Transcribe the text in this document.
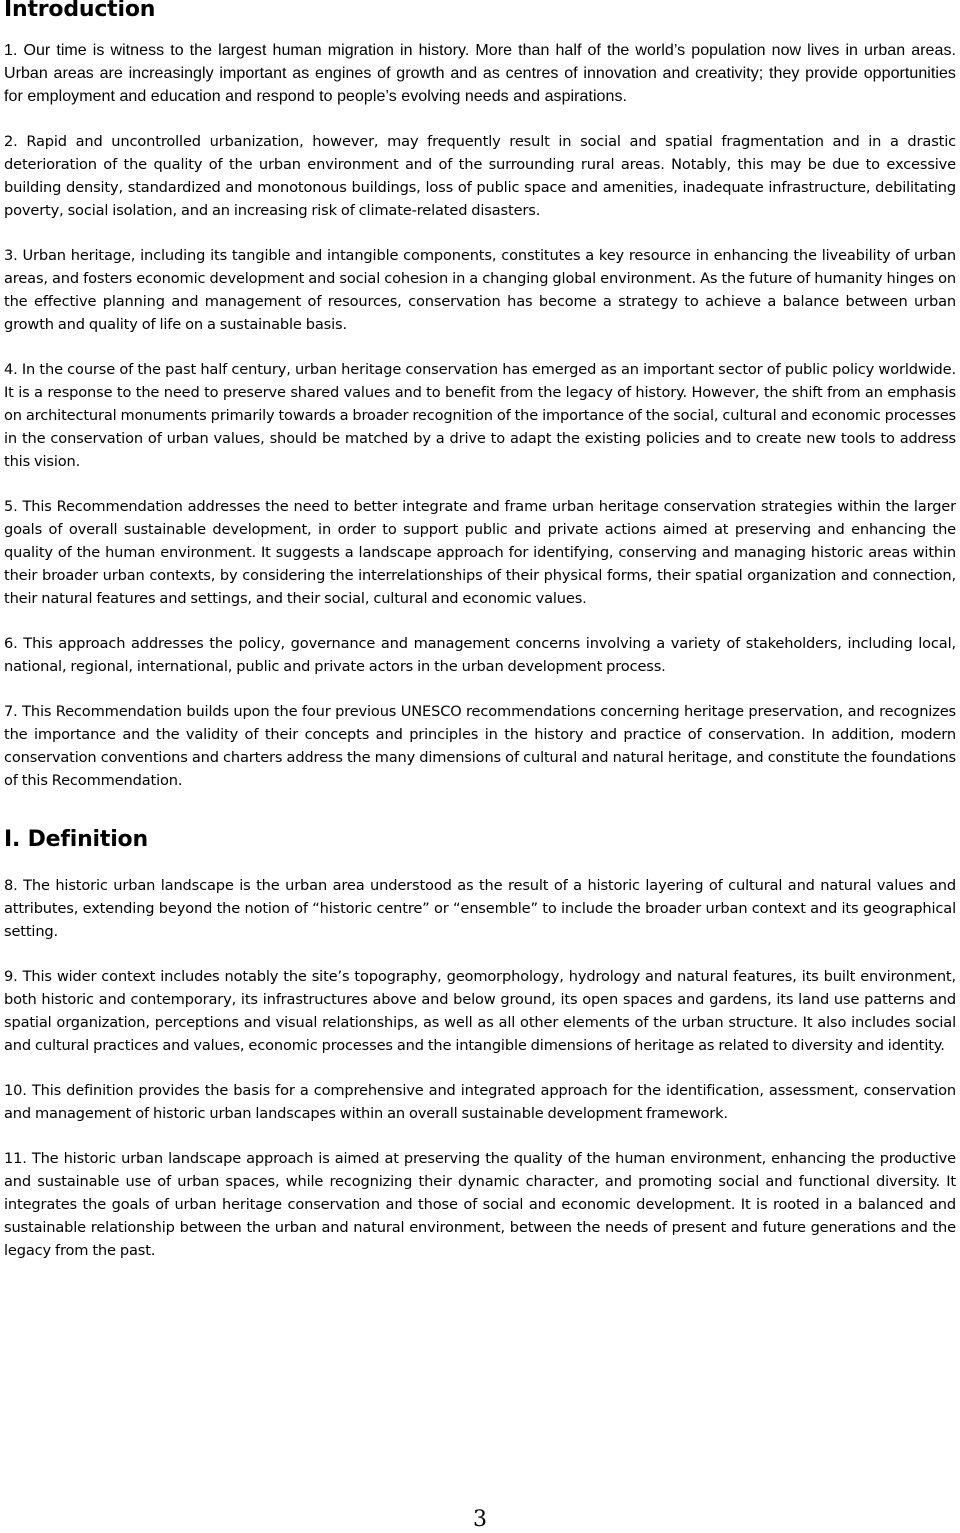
Introduction

1. Our time is witness to the largest human migration in history. More than half of the world’s population now lives in urban areas. Urban areas are increasingly important as engines of growth and as centres of innovation and creativity; they provide opportunities for employment and education and respond to people’s evolving needs and aspirations.

2. Rapid and uncontrolled urbanization, however, may frequently result in social and spatial fragmentation and in a drastic deterioration of the quality of the urban environment and of the surrounding rural areas. Notably, this may be due to excessive building density, standardized and monotonous buildings, loss of public space and amenities, inadequate infrastructure, debilitating poverty, social isolation, and an increasing risk of climate-related disasters.

3. Urban heritage, including its tangible and intangible components, constitutes a key resource in enhancing the liveability of urban areas, and fosters economic development and social cohesion in a changing global environment. As the future of humanity hinges on the effective planning and management of resources, conservation has become a strategy to achieve a balance between urban growth and quality of life on a sustainable basis.

4. In the course of the past half century, urban heritage conservation has emerged as an important sector of public policy worldwide. It is a response to the need to preserve shared values and to benefit from the legacy of history. However, the shift from an emphasis on architectural monuments primarily towards a broader recognition of the importance of the social, cultural and economic processes in the conservation of urban values, should be matched by a drive to adapt the existing policies and to create new tools to address this vision.

5. This Recommendation addresses the need to better integrate and frame urban heritage conservation strategies within the larger goals of overall sustainable development, in order to support public and private actions aimed at preserving and enhancing the quality of the human environment. It suggests a landscape approach for identifying, conserving and managing historic areas within their broader urban contexts, by considering the interrelationships of their physical forms, their spatial organization and connection, their natural features and settings, and their social, cultural and economic values.

6. This approach addresses the policy, governance and management concerns involving a variety of stakeholders, including local, national, regional, international, public and private actors in the urban development process.

7. This Recommendation builds upon the four previous UNESCO recommendations concerning heritage preservation, and recognizes the importance and the validity of their concepts and principles in the history and practice of conservation. In addition, modern conservation conventions and charters address the many dimensions of cultural and natural heritage, and constitute the foundations of this Recommendation.

I. Definition

8. The historic urban landscape is the urban area understood as the result of a historic layering of cultural and natural values and attributes, extending beyond the notion of “historic centre” or “ensemble” to include the broader urban context and its geographical setting.

9. This wider context includes notably the site’s topography, geomorphology, hydrology and natural features, its built environment, both historic and contemporary, its infrastructures above and below ground, its open spaces and gardens, its land use patterns and spatial organization, perceptions and visual relationships, as well as all other elements of the urban structure. It also includes social and cultural practices and values, economic processes and the intangible dimensions of heritage as related to diversity and identity.

10. This definition provides the basis for a comprehensive and integrated approach for the identification, assessment, conservation and management of historic urban landscapes within an overall sustainable development framework.

11. The historic urban landscape approach is aimed at preserving the quality of the human environment, enhancing the productive and sustainable use of urban spaces, while recognizing their dynamic character, and promoting social and functional diversity. It integrates the goals of urban heritage conservation and those of social and economic development. It is rooted in a balanced and sustainable relationship between the urban and natural environment, between the needs of present and future generations and the legacy from the past.

3
